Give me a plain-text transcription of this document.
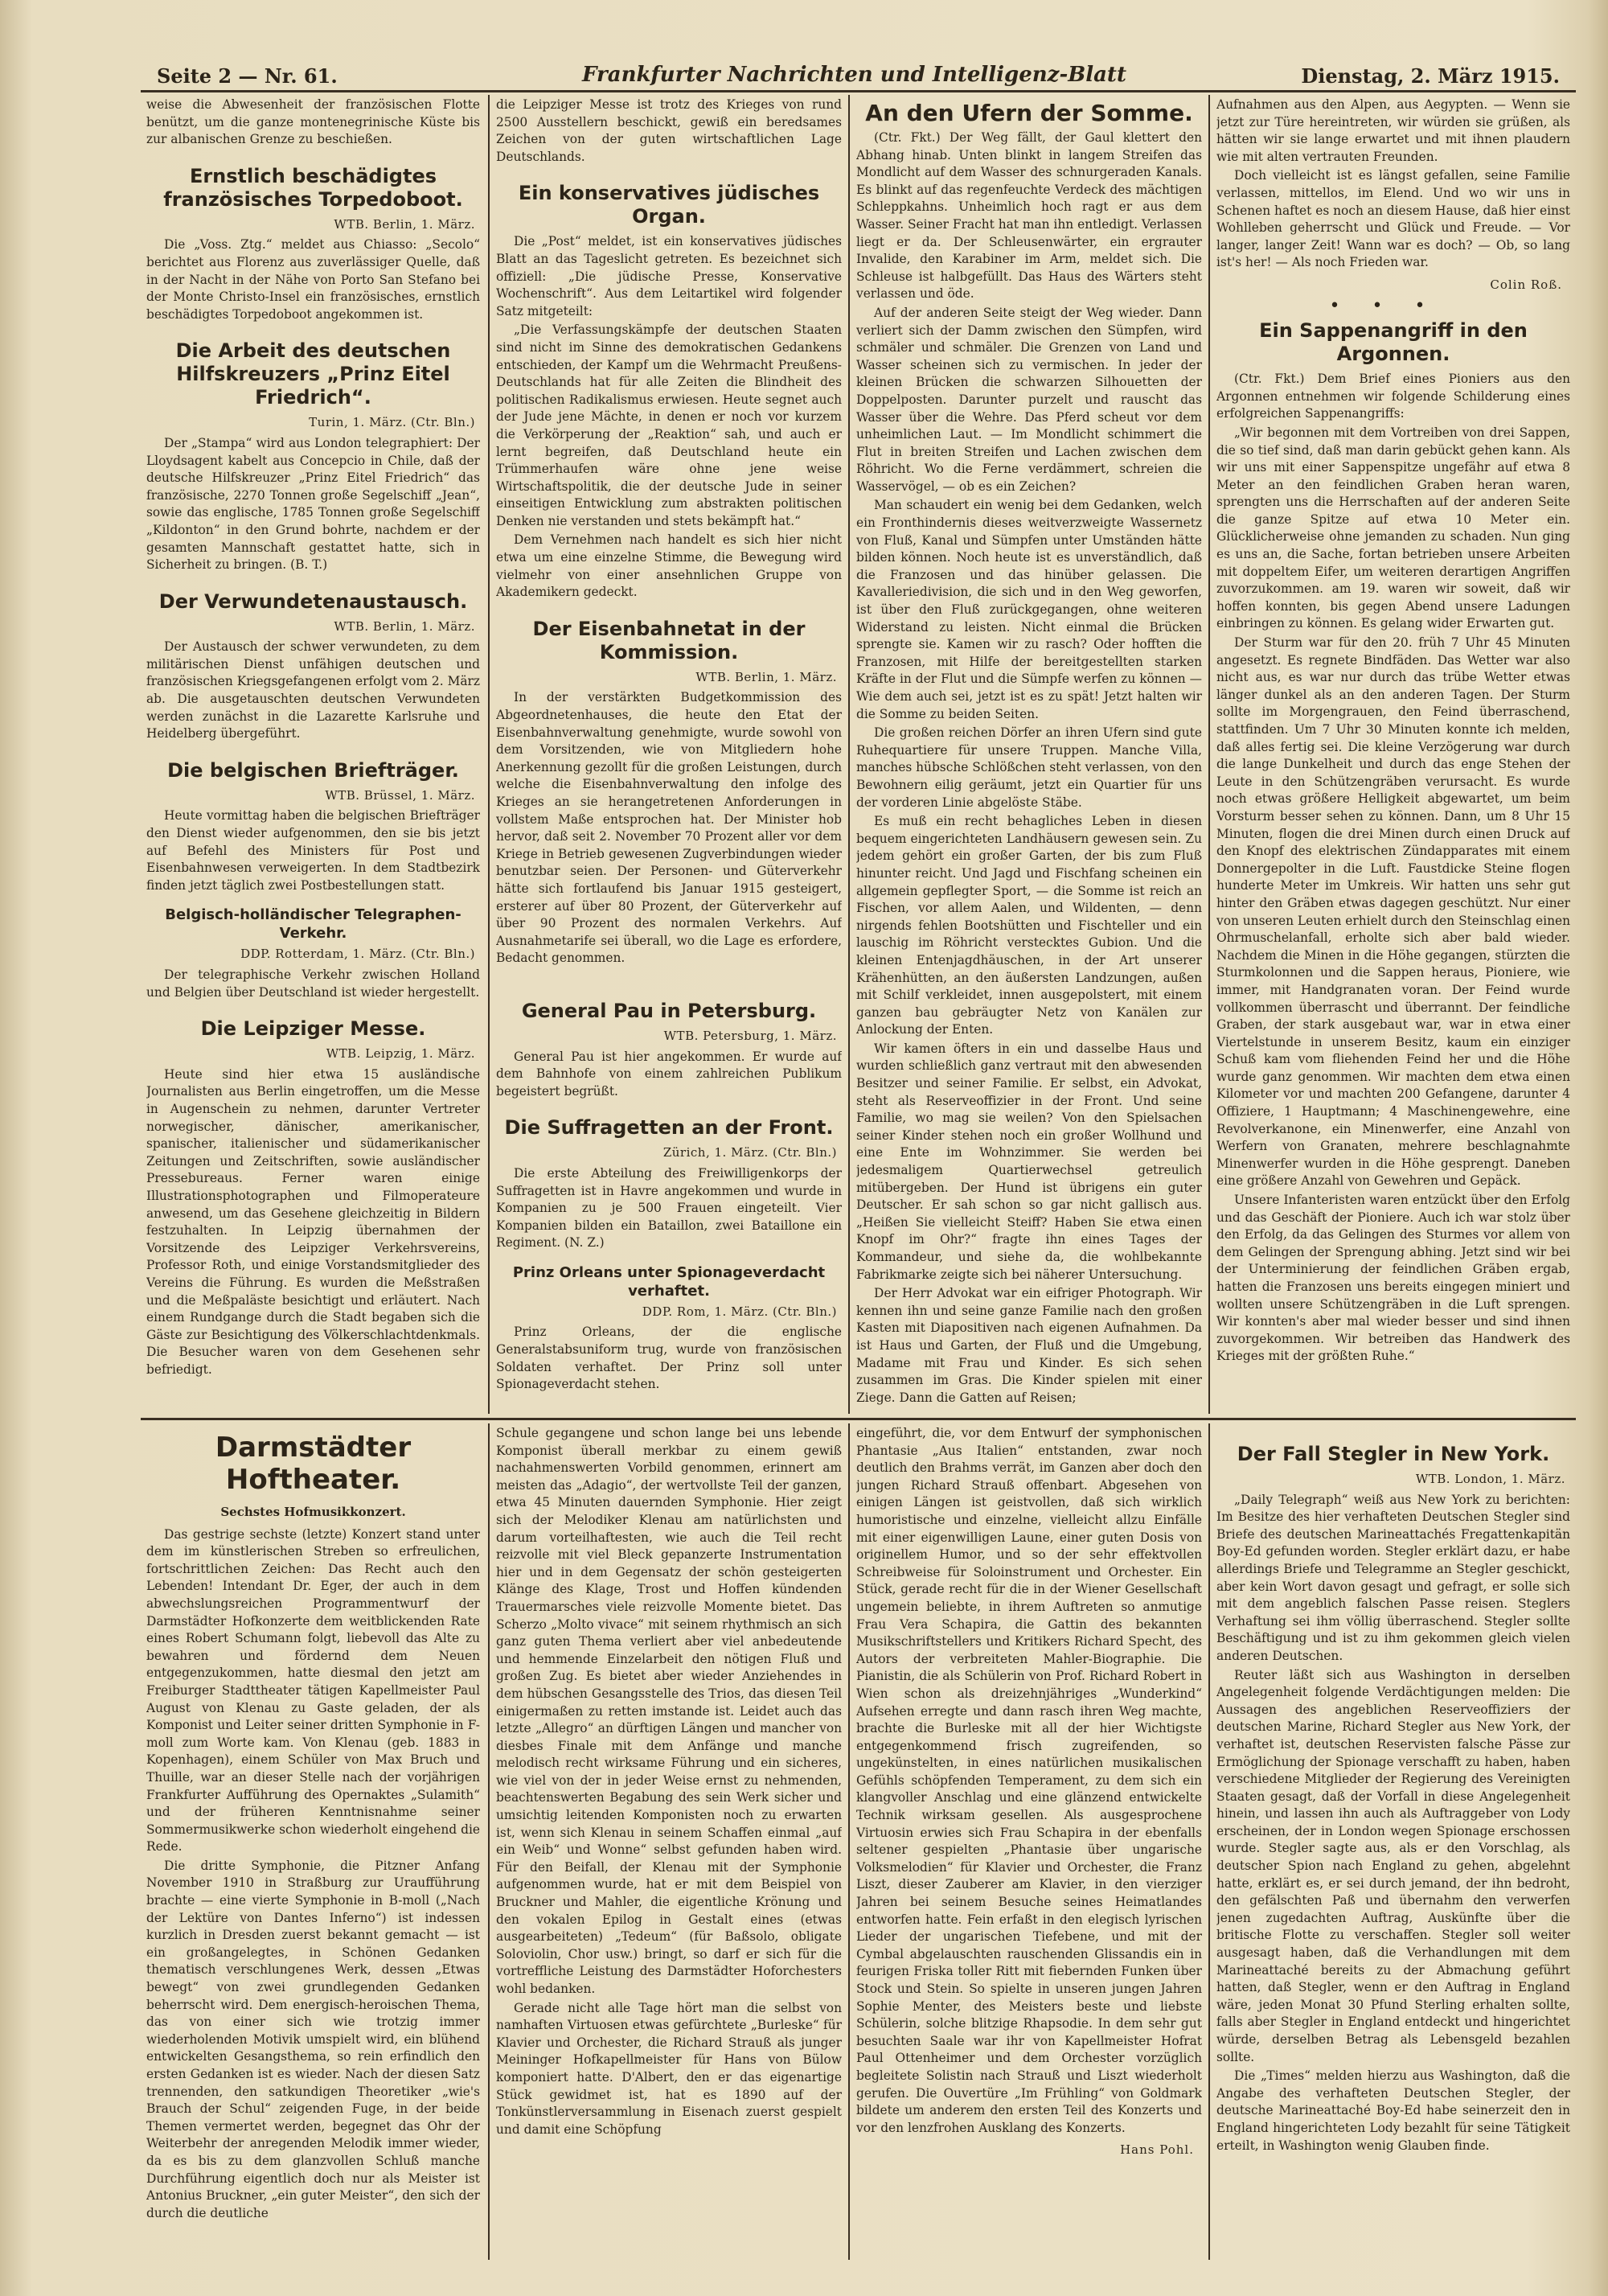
Seite 2 — Nr. 61.	Frankfurter Nachrichten und Intelligenz-Blatt	Dienstag, 2. März 1915.

weise die Abwesenheit der französischen Flotte benützt, um die ganze montenegrinische Küste bis zur albanischen Grenze zu beschießen.

Ernstlich beschädigtes französisches Torpedoboot.
WTB. Berlin, 1. März.

Die „Voss. Ztg.“ meldet aus Chiasso: „Secolo“ berichtet aus Florenz aus zuverlässiger Quelle, daß in der Nacht in der Nähe von Porto San Stefano bei der Monte Christo-Insel ein französisches, ernstlich beschädigtes Torpedoboot angekommen ist.

Die Arbeit des deutschen Hilfskreuzers „Prinz Eitel Friedrich“.
Turin, 1. März. (Ctr. Bln.)

Der „Stampa“ wird aus London telegraphiert: Der Lloydsagent kabelt aus Concepcio in Chile, daß der deutsche Hilfskreuzer „Prinz Eitel Friedrich“ das französische, 2270 Tonnen große Segelschiff „Jean“, sowie das englische, 1785 Tonnen große Segelschiff „Kildonton“ in den Grund bohrte, nachdem er der gesamten Mannschaft gestattet hatte, sich in Sicherheit zu bringen. (B. T.)

Der Verwundetenaustausch.
WTB. Berlin, 1. März.

Der Austausch der schwer verwundeten, zu dem militärischen Dienst unfähigen deutschen und französischen Kriegsgefangenen erfolgt vom 2. März ab. Die ausgetauschten deutschen Verwundeten werden zunächst in die Lazarette Karlsruhe und Heidelberg übergeführt.

Die belgischen Briefträger.
WTB. Brüssel, 1. März.

Heute vormittag haben die belgischen Briefträger den Dienst wieder aufgenommen, den sie bis jetzt auf Befehl des Ministers für Post und Eisenbahnwesen verweigerten. In dem Stadtbezirk finden jetzt täglich zwei Postbestellungen statt.

Belgisch-holländischer Telegraphen-Verkehr.
DDP. Rotterdam, 1. März. (Ctr. Bln.)

Der telegraphische Verkehr zwischen Holland und Belgien über Deutschland ist wieder hergestellt.

Die Leipziger Messe.
WTB. Leipzig, 1. März.

Heute sind hier etwa 15 ausländische Journalisten aus Berlin eingetroffen, um die Messe in Augenschein zu nehmen, darunter Vertreter norwegischer, dänischer, amerikanischer, spanischer, italienischer und südamerikanischer Zeitungen und Zeitschriften, sowie ausländischer Pressebureaus. Ferner waren einige Illustrationsphotographen und Filmoperateure anwesend, um das Gesehene gleichzeitig in Bildern festzuhalten. In Leipzig übernahmen der Vorsitzende des Leipziger Verkehrsvereins, Professor Roth, und einige Vorstandsmitglieder des Vereins die Führung. Es wurden die Meßstraßen und die Meßpaläste besichtigt und erläutert. Nach einem Rundgange durch die Stadt begaben sich die Gäste zur Besichtigung des Völkerschlachtdenkmals. Die Besucher waren von dem Gesehenen sehr befriedigt.

die Leipziger Messe ist trotz des Krieges von rund 2500 Ausstellern beschickt, gewiß ein beredsames Zeichen von der guten wirtschaftlichen Lage Deutschlands.

Ein konservatives jüdisches Organ.

Die „Post“ meldet, ist ein konservatives jüdisches Blatt an das Tageslicht getreten. Es bezeichnet sich offiziell: „Die jüdische Presse, Konservative Wochenschrift“. Aus dem Leitartikel wird folgender Satz mitgeteilt:

„Die Verfassungskämpfe der deutschen Staaten sind nicht im Sinne des demokratischen Gedankens entschieden, der Kampf um die Wehrmacht Preußens-Deutschlands hat für alle Zeiten die Blindheit des politischen Radikalismus erwiesen. Heute segnet auch der Jude jene Mächte, in denen er noch vor kurzem die Verkörperung der „Reaktion“ sah, und auch er lernt begreifen, daß Deutschland heute ein Trümmerhaufen wäre ohne jene weise Wirtschaftspolitik, die der deutsche Jude in seiner einseitigen Entwicklung zum abstrakten politischen Denken nie verstanden und stets bekämpft hat.“

Dem Vernehmen nach handelt es sich hier nicht etwa um eine einzelne Stimme, die Bewegung wird vielmehr von einer ansehnlichen Gruppe von Akademikern gedeckt.

Der Eisenbahnetat in der Kommission.
WTB. Berlin, 1. März.

In der verstärkten Budgetkommission des Abgeordnetenhauses, die heute den Etat der Eisenbahnverwaltung genehmigte, wurde sowohl von dem Vorsitzenden, wie von Mitgliedern hohe Anerkennung gezollt für die großen Leistungen, durch welche die Eisenbahnverwaltung den infolge des Krieges an sie herangetretenen Anforderungen in vollstem Maße entsprochen hat. Der Minister hob hervor, daß seit 2. November 70 Prozent aller vor dem Kriege in Betrieb gewesenen Zugverbindungen wieder benutzbar seien. Der Personen- und Güterverkehr hätte sich fortlaufend bis Januar 1915 gesteigert, ersterer auf über 80 Prozent, der Güterverkehr auf über 90 Prozent des normalen Verkehrs. Auf Ausnahmetarife sei überall, wo die Lage es erfordere, Bedacht genommen.

General Pau in Petersburg.
WTB. Petersburg, 1. März.

General Pau ist hier angekommen. Er wurde auf dem Bahnhofe von einem zahlreichen Publikum begeistert begrüßt.

Die Suffragetten an der Front.
Zürich, 1. März. (Ctr. Bln.)

Die erste Abteilung des Freiwilligenkorps der Suffragetten ist in Havre angekommen und wurde in Kompanien zu je 500 Frauen eingeteilt. Vier Kompanien bilden ein Bataillon, zwei Bataillone ein Regiment. (N. Z.)

Prinz Orleans unter Spionageverdacht verhaftet.
DDP. Rom, 1. März. (Ctr. Bln.)

Prinz Orleans, der die englische Generalstabsuniform trug, wurde von französischen Soldaten verhaftet. Der Prinz soll unter Spionageverdacht stehen.

An den Ufern der Somme.

(Ctr. Fkt.) Der Weg fällt, der Gaul klettert den Abhang hinab. Unten blinkt in langem Streifen das Mondlicht auf dem Wasser des schnurgeraden Kanals. Es blinkt auf das regenfeuchte Verdeck des mächtigen Schleppkahns. Unheimlich hoch ragt er aus dem Wasser. Seiner Fracht hat man ihn entledigt. Verlassen liegt er da. Der Schleusenwärter, ein ergrauter Invalide, den Karabiner im Arm, meldet sich. Die Schleuse ist halbgefüllt. Das Haus des Wärters steht verlassen und öde.

Auf der anderen Seite steigt der Weg wieder. Dann verliert sich der Damm zwischen den Sümpfen, wird schmäler und schmäler. Die Grenzen von Land und Wasser scheinen sich zu vermischen. In jeder der kleinen Brücken die schwarzen Silhouetten der Doppelposten. Darunter purzelt und rauscht das Wasser über die Wehre. Das Pferd scheut vor dem unheimlichen Laut. — Im Mondlicht schimmert die Flut in breiten Streifen und Lachen zwischen dem Röhricht. Wo die Ferne verdämmert, schreien die Wasservögel, — ob es ein Zeichen?

Man schaudert ein wenig bei dem Gedanken, welch ein Fronthindernis dieses weitverzweigte Wassernetz von Fluß, Kanal und Sümpfen unter Umständen hätte bilden können. Noch heute ist es unverständlich, daß die Franzosen und das hinüber gelassen. Die Kavalleriedivision, die sich und in den Weg geworfen, ist über den Fluß zurückgegangen, ohne weiteren Widerstand zu leisten. Nicht einmal die Brücken sprengte sie. Kamen wir zu rasch? Oder hofften die Franzosen, mit Hilfe der bereitgestellten starken Kräfte in der Flut und die Sümpfe werfen zu können — Wie dem auch sei, jetzt ist es zu spät! Jetzt halten wir die Somme zu beiden Seiten.

Die großen reichen Dörfer an ihren Ufern sind gute Ruhequartiere für unsere Truppen. Manche Villa, manches hübsche Schlößchen steht verlassen, von den Bewohnern eilig geräumt, jetzt ein Quartier für uns der vorderen Linie abgelöste Stäbe.

Es muß ein recht behagliches Leben in diesen bequem eingerichteten Landhäusern gewesen sein. Zu jedem gehört ein großer Garten, der bis zum Fluß hinunter reicht. Und Jagd und Fischfang scheinen ein allgemein gepflegter Sport, — die Somme ist reich an Fischen, vor allem Aalen, und Wildenten, — denn nirgends fehlen Bootshütten und Fischteller und ein lauschig im Röhricht verstecktes Gubion. Und die kleinen Entenjagdhäuschen, in der Art unserer Krähenhütten, an den äußersten Landzungen, außen mit Schilf verkleidet, innen ausgepolstert, mit einem ganzen bau gebräugter Netz von Kanälen zur Anlockung der Enten.

Wir kamen öfters in ein und dasselbe Haus und wurden schließlich ganz vertraut mit den abwesenden Besitzer und seiner Familie. Er selbst, ein Advokat, steht als Reserveoffizier in der Front. Und seine Familie, wo mag sie weilen? Von den Spielsachen seiner Kinder stehen noch ein großer Wollhund und eine Ente im Wohnzimmer. Sie werden bei jedesmaligem Quartierwechsel getreulich mitübergeben. Der Hund ist übrigens ein guter Deutscher. Er sah schon so gar nicht gallisch aus. „Heißen Sie vielleicht Steiff? Haben Sie etwa einen Knopf im Ohr?“ fragte ihn eines Tages der Kommandeur, und siehe da, die wohlbekannte Fabrikmarke zeigte sich bei näherer Untersuchung.

Der Herr Advokat war ein eifriger Photograph. Wir kennen ihn und seine ganze Familie nach den großen Kasten mit Diapositiven nach eigenen Aufnahmen. Da ist Haus und Garten, der Fluß und die Umgebung, Madame mit Frau und Kinder. Es sich sehen zusammen im Gras. Die Kinder spielen mit einer Ziege. Dann die Gatten auf Reisen;

Aufnahmen aus den Alpen, aus Aegypten. — Wenn sie jetzt zur Türe hereintreten, wir würden sie grüßen, als hätten wir sie lange erwartet und mit ihnen plaudern wie mit alten vertrauten Freunden.

Doch vielleicht ist es längst gefallen, seine Familie verlassen, mittellos, im Elend. Und wo wir uns in Schenen haftet es noch an diesem Hause, daß hier einst Wohlleben geherrscht und Glück und Freude. — Vor langer, langer Zeit! Wann war es doch? — Ob, so lang ist's her! — Als noch Frieden war.

Colin Roß.
•••
Ein Sappenangriff in den Argonnen.

(Ctr. Fkt.) Dem Brief eines Pioniers aus den Argonnen entnehmen wir folgende Schilderung eines erfolgreichen Sappenangriffs:

„Wir begonnen mit dem Vortreiben von drei Sappen, die so tief sind, daß man darin gebückt gehen kann. Als wir uns mit einer Sappenspitze ungefähr auf etwa 8 Meter an den feindlichen Graben heran waren, sprengten uns die Herrschaften auf der anderen Seite die ganze Spitze auf etwa 10 Meter ein. Glücklicherweise ohne jemanden zu schaden. Nun ging es uns an, die Sache, fortan betrieben unsere Arbeiten mit doppeltem Eifer, um weiteren derartigen Angriffen zuvorzukommen. am 19. waren wir soweit, daß wir hoffen konnten, bis gegen Abend unsere Ladungen einbringen zu können. Es gelang wider Erwarten gut.

Der Sturm war für den 20. früh 7 Uhr 45 Minuten angesetzt. Es regnete Bindfäden. Das Wetter war also nicht aus, es war nur durch das trübe Wetter etwas länger dunkel als an den anderen Tagen. Der Sturm sollte im Morgengrauen, den Feind überraschend, stattfinden. Um 7 Uhr 30 Minuten konnte ich melden, daß alles fertig sei. Die kleine Verzögerung war durch die lange Dunkelheit und durch das enge Stehen der Leute in den Schützengräben verursacht. Es wurde noch etwas größere Helligkeit abgewartet, um beim Vorsturm besser sehen zu können. Dann, um 8 Uhr 15 Minuten, flogen die drei Minen durch einen Druck auf den Knopf des elektrischen Zündapparates mit einem Donnergepolter in die Luft. Faustdicke Steine flogen hunderte Meter im Umkreis. Wir hatten uns sehr gut hinter den Gräben etwas dagegen geschützt. Nur einer von unseren Leuten erhielt durch den Steinschlag einen Ohrmuschelanfall, erholte sich aber bald wieder. Nachdem die Minen in die Höhe gegangen, stürzten die Sturmkolonnen und die Sappen heraus, Pioniere, wie immer, mit Handgranaten voran. Der Feind wurde vollkommen überrascht und überrannt. Der feindliche Graben, der stark ausgebaut war, war in etwa einer Viertelstunde in unserem Besitz, kaum ein einziger Schuß kam vom fliehenden Feind her und die Höhe wurde ganz genommen. Wir machten dem etwa einen Kilometer vor und machten 200 Gefangene, darunter 4 Offiziere, 1 Hauptmann; 4 Maschinengewehre, eine Revolverkanone, ein Minenwerfer, eine Anzahl von Werfern von Granaten, mehrere beschlagnahmte Minenwerfer wurden in die Höhe gesprengt. Daneben eine größere Anzahl von Gewehren und Gepäck.

Unsere Infanteristen waren entzückt über den Erfolg und das Geschäft der Pioniere. Auch ich war stolz über den Erfolg, da das Gelingen des Sturmes vor allem von dem Gelingen der Sprengung abhing. Jetzt sind wir bei der Unterminierung der feindlichen Gräben ergab, hatten die Franzosen uns bereits eingegen miniert und wollten unsere Schützengräben in die Luft sprengen. Wir konnten's aber mal wieder besser und sind ihnen zuvorgekommen. Wir betreiben das Handwerk des Krieges mit der größten Ruhe.“

Darmstädter Hoftheater.
Sechstes Hofmusikkonzert.

Das gestrige sechste (letzte) Konzert stand unter dem im künstlerischen Streben so erfreulichen, fortschrittlichen Zeichen: Das Recht auch den Lebenden! Intendant Dr. Eger, der auch in dem abwechslungsreichen Programmentwurf der Darmstädter Hofkonzerte dem weitblickenden Rate eines Robert Schumann folgt, liebevoll das Alte zu bewahren und fördernd dem Neuen entgegenzukommen, hatte diesmal den jetzt am Freiburger Stadttheater tätigen Kapellmeister Paul August von Klenau zu Gaste geladen, der als Komponist und Leiter seiner dritten Symphonie in F-moll zum Worte kam. Von Klenau (geb. 1883 in Kopenhagen), einem Schüler von Max Bruch und Thuille, war an dieser Stelle nach der vorjährigen Frankfurter Aufführung des Opernaktes „Sulamith“ und der früheren Kenntnisnahme seiner Sommermusikwerke schon wiederholt eingehend die Rede.

Die dritte Symphonie, die Pitzner Anfang November 1910 in Straßburg zur Uraufführung brachte — eine vierte Symphonie in B-moll („Nach der Lektüre von Dantes Inferno“) ist indessen kurzlich in Dresden zuerst bekannt gemacht — ist ein großangelegtes, in Schönen Gedanken thematisch verschlungenes Werk, dessen „Etwas bewegt“ von zwei grundlegenden Gedanken beherrscht wird. Dem energisch-heroischen Thema, das von einer sich wie trotzig immer wiederholenden Motivik umspielt wird, ein blühend entwickelten Gesangsthema, so rein erfindlich den ersten Gedanken ist es wieder. Nach der diesen Satz trennenden, den satkundigen Theoretiker „wie's Brauch der Schul“ zeigenden Fuge, in der beide Themen vermertet werden, begegnet das Ohr der Weiterbehr der anregenden Melodik immer wieder, da es bis zu dem glanzvollen Schluß manche Durchführung eigentlich doch nur als Meister ist Antonius Bruckner, „ein guter Meister“, den sich der durch die deutliche

Schule gegangene und schon lange bei uns lebende Komponist überall merkbar zu einem gewiß nachahmenswerten Vorbild genommen, erinnert am meisten das „Adagio“, der wertvollste Teil der ganzen, etwa 45 Minuten dauernden Symphonie. Hier zeigt sich der Melodiker Klenau am natürlichsten und darum vorteilhaftesten, wie auch die Teil recht reizvolle mit viel Bleck gepanzerte Instrumentation hier und in dem Gegensatz der schön gesteigerten Klänge des Klage, Trost und Hoffen kündenden Trauermarsches viele reizvolle Momente bietet. Das Scherzo „Molto vivace“ mit seinem rhythmisch an sich ganz guten Thema verliert aber viel anbedeutende und hemmende Einzelarbeit den nötigen Fluß und großen Zug. Es bietet aber wieder Anziehendes in dem hübschen Gesangsstelle des Trios, das diesen Teil einigermaßen zu retten imstande ist. Leidet auch das letzte „Allegro“ an dürftigen Längen und mancher von diesbes Finale mit dem Anfänge und manche melodisch recht wirksame Führung und ein sicheres, wie viel von der in jeder Weise ernst zu nehmenden, beachtenswerten Begabung des sein Werk sicher und umsichtig leitenden Komponisten noch zu erwarten ist, wenn sich Klenau in seinem Schaffen einmal „auf ein Weib“ und Wonne“ selbst gefunden haben wird. Für den Beifall, der Klenau mit der Symphonie aufgenommen wurde, hat er mit dem Beispiel von Bruckner und Mahler, die eigentliche Krönung und den vokalen Epilog in Gestalt eines (etwas ausgearbeiteten) „Tedeum“ (für Baßsolo, obligate Soloviolin, Chor usw.) bringt, so darf er sich für die vortreffliche Leistung des Darmstädter Hoforchesters wohl bedanken.

Gerade nicht alle Tage hört man die selbst von namhaften Virtuosen etwas gefürchtete „Burleske“ für Klavier und Orchester, die Richard Strauß als junger Meininger Hofkapellmeister für Hans von Bülow komponiert hatte. D'Albert, den er das eigenartige Stück gewidmet ist, hat es 1890 auf der Tonkünstlerversammlung in Eisenach zuerst gespielt und damit eine Schöpfung

eingeführt, die, vor dem Entwurf der symphonischen Phantasie „Aus Italien“ entstanden, zwar noch deutlich den Brahms verrät, im Ganzen aber doch den jungen Richard Strauß offenbart. Abgesehen von einigen Längen ist geistvollen, daß sich wirklich humoristische und einzelne, vielleicht allzu Einfälle mit einer eigenwilligen Laune, einer guten Dosis von originellem Humor, und so der sehr effektvollen Schreibweise für Soloinstrument und Orchester. Ein Stück, gerade recht für die in der Wiener Gesellschaft ungemein beliebte, in ihrem Auftreten so anmutige Frau Vera Schapira, die Gattin des bekannten Musikschriftstellers und Kritikers Richard Specht, des Autors der verbreiteten Mahler-Biographie. Die Pianistin, die als Schülerin von Prof. Richard Robert in Wien schon als dreizehnjähriges „Wunderkind“ Aufsehen erregte und dann rasch ihren Weg machte, brachte die Burleske mit all der hier Wichtigste entgegenkommend frisch zugreifenden, so ungekünstelten, in eines natürlichen musikalischen Gefühls schöpfenden Temperament, zu dem sich ein klangvoller Anschlag und eine glänzend entwickelte Technik wirksam gesellen. Als ausgesprochene Virtuosin erwies sich Frau Schapira in der ebenfalls seltener gespielten „Phantasie über ungarische Volksmelodien“ für Klavier und Orchester, die Franz Liszt, dieser Zauberer am Klavier, in den vierziger Jahren bei seinem Besuche seines Heimatlandes entworfen hatte. Fein erfaßt in den elegisch lyrischen Lieder der ungarischen Tiefebene, und mit der Cymbal abgelauschten rauschenden Glissandis ein in feurigen Friska toller Ritt mit fiebernden Funken über Stock und Stein. So spielte in unseren jungen Jahren Sophie Menter, des Meisters beste und liebste Schülerin, solche blitzige Rhapsodie. In dem sehr gut besuchten Saale war ihr von Kapellmeister Hofrat Paul Ottenheimer und dem Orchester vorzüglich begleitete Solistin nach Strauß und Liszt wiederholt gerufen. Die Ouvertüre „Im Frühling“ von Goldmark bildete um anderem den ersten Teil des Konzerts und vor den lenzfrohen Ausklang des Konzerts.

Hans Pohl.
Der Fall Stegler in New York.
WTB. London, 1. März.

„Daily Telegraph“ weiß aus New York zu berichten: Im Besitze des hier verhafteten Deutschen Stegler sind Briefe des deutschen Marineattachés Fregattenkapitän Boy-Ed gefunden worden. Stegler erklärt dazu, er habe allerdings Briefe und Telegramme an Stegler geschickt, aber kein Wort davon gesagt und gefragt, er solle sich mit dem angeblich falschen Passe reisen. Steglers Verhaftung sei ihm völlig überraschend. Stegler sollte Beschäftigung und ist zu ihm gekommen gleich vielen anderen Deutschen.

Reuter läßt sich aus Washington in derselben Angelegenheit folgende Verdächtigungen melden: Die Aussagen des angeblichen Reserveoffiziers der deutschen Marine, Richard Stegler aus New York, der verhaftet ist, deutschen Reservisten falsche Pässe zur Ermöglichung der Spionage verschafft zu haben, haben verschiedene Mitglieder der Regierung des Vereinigten Staaten gesagt, daß der Vorfall in diese Angelegenheit hinein, und lassen ihn auch als Auftraggeber von Lody erscheinen, der in London wegen Spionage erschossen wurde. Stegler sagte aus, als er den Vorschlag, als deutscher Spion nach England zu gehen, abgelehnt hatte, erklärt es, er sei durch jemand, der ihn bedroht, den gefälschten Paß und übernahm den verwerfen jenen zugedachten Auftrag, Auskünfte über die britische Flotte zu verschaffen. Stegler soll weiter ausgesagt haben, daß die Verhandlungen mit dem Marineattaché bereits zu der Abmachung geführt hatten, daß Stegler, wenn er den Auftrag in England wäre, jeden Monat 30 Pfund Sterling erhalten sollte, falls aber Stegler in England entdeckt und hingerichtet würde, derselben Betrag als Lebensgeld bezahlen sollte.

Die „Times“ melden hierzu aus Washington, daß die Angabe des verhafteten Deutschen Stegler, der deutsche Marineattaché Boy-Ed habe seinerzeit den in England hingerichteten Lody bezahlt für seine Tätigkeit erteilt, in Washington wenig Glauben finde.
